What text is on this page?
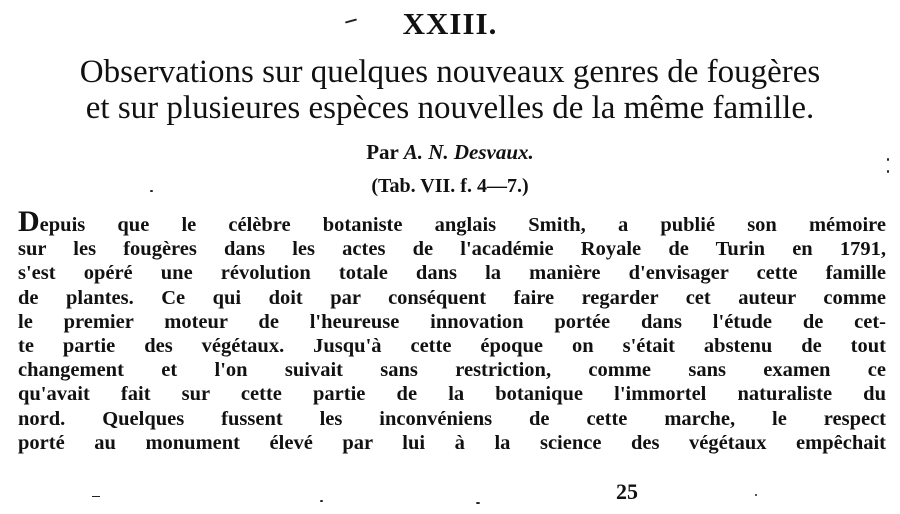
XXIII.
Observations sur quelques nouveaux genres de fougères
et sur plusieures espèces nouvelles de la même famille.
Par A. N. Desvaux.
(Tab. VII. f. 4—7.)
Depuis que le célèbre botaniste anglais Smith, a publié son mémoire
sur les fougères dans les actes de l'académie Royale de Turin en 1791,
s'est opéré une révolution totale dans la manière d'envisager cette famille
de plantes. Ce qui doit par conséquent faire regarder cet auteur comme
le premier moteur de l'heureuse innovation portée dans l'étude de cet-
te partie des végétaux. Jusqu'à cette époque on s'était abstenu de tout
changement et l'on suivait sans restriction, comme sans examen ce
qu'avait fait sur cette partie de la botanique l'immortel naturaliste du
nord. Quelques fussent les inconvéniens de cette marche, le respect
porté au monument élevé par lui à la science des végétaux empêchait
25
